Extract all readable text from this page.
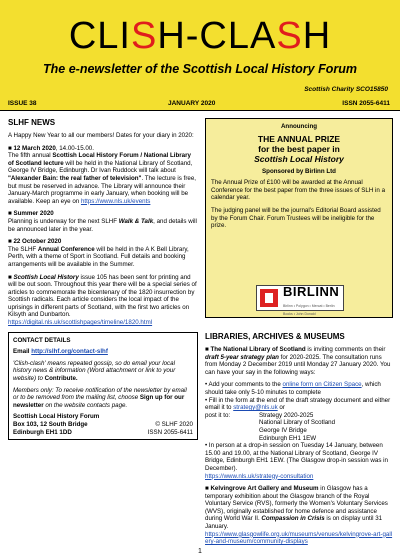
CLISH-CLASH
The e-newsletter of the Scottish Local History Forum
Scottish Charity SCO15850
ISSUE 38	JANUARY 2020	ISSN 2055-6411
SLHF NEWS

A Happy New Year to all our members! Dates for your diary in 2020:

■ 12 March 2020, 14.00-15.00.
The fifth annual Scottish Local History Forum / National Library of Scotland lecture will be held in the National Library of Scotland, George IV Bridge, Edinburgh. Dr Ivan Ruddock will talk about "Alexander Bain: the real father of television". The lecture is free, but must be reserved in advance. The Library will announce their January-March programme in early January, when booking will be available. Keep an eye on https://www.nls.uk/events

■ Summer 2020
Planning is underway for the next SLHF Walk & Talk, and details will be announced later in the year.

■ 22 October 2020
The SLHF Annual Conference will be held in the A K Bell Library, Perth, with a theme of Sport in Scotland. Full details and booking arrangements will be available in the Summer.

■ Scottish Local History issue 105 has been sent for printing and will be out soon. Throughout this year there will be a special series of articles to commemorate the bicentenary of the 1820 insurrection by Scottish radicals. Each article considers the local impact of the uprisings in different parts of Scotland, with the first two articles on Kilsyth and Dunbarton.
https://digital.nls.uk/scottishpages/timeline/1820.html

CONTACT DETAILS

Email http://slhf.org/contact-slhf

'Clish-clash' means repeated gossip, so do email your local history news & information (Word attachment or link to your website) to Contribute.

Members only: To receive notification of the newsletter by email or to be removed from the mailing list, choose Sign up for our newsletter on the website contacts page.

Scottish Local History Forum
Box 103, 12 South Bridge	© SLHF 2020
Edinburgh EH1 1DD	ISSN 2055-6411
Announcing
THE ANNUAL PRIZE
for the best paper in
Scottish Local History
Sponsored by Birlinn Ltd

The Annual Prize of £100 will be awarded at the Annual Conference for the best paper from the three issues of SLH in a calendar year.

The judging panel will be the journal's Editorial Board assisted by the Forum Chair. Forum Trustees will be ineligible for the prize.

BIRLINN
Birlinn • Polygon • Mercat • Berlin Books • John Donald
LIBRARIES, ARCHIVES & MUSEUMS

■ The National Library of Scotland is inviting comments on their draft 5-year strategy plan for 2020-2025. The consultation runs from Monday 2 December 2019 until Monday 27 January 2020. You can have your say in the following ways:

• Add your comments to the online form on Citizen Space, which should take only 5-10 minutes to complete
• Fill in the form at the end of the draft strategy document and either email it to strategy@nls.uk or
post it to:	Strategy 2020-2025
National Library of Scotland
George IV Bridge
Edinburgh EH1 1EW
• In person at a drop-in session on Tuesday 14 January, between 15.00 and 19.00, at the National Library of Scotland, George IV Bridge, Edinburgh EH1 1EW. (The Glasgow drop-in session was in December).

https://www.nls.uk/strategy-consultation

■ Kelvingrove Art Gallery and Museum in Glasgow has a temporary exhibition about the Glasgow branch of the Royal Voluntary Service (RVS), formerly the Women's Voluntary Services (WVS), originally established for home defence and assistance during World War II. Compassion in Crisis is on display until 31 January.
https://www.glasgowlife.org.uk/museums/venues/kelvingrove-art-gallery-and-museum/community-displays

1
